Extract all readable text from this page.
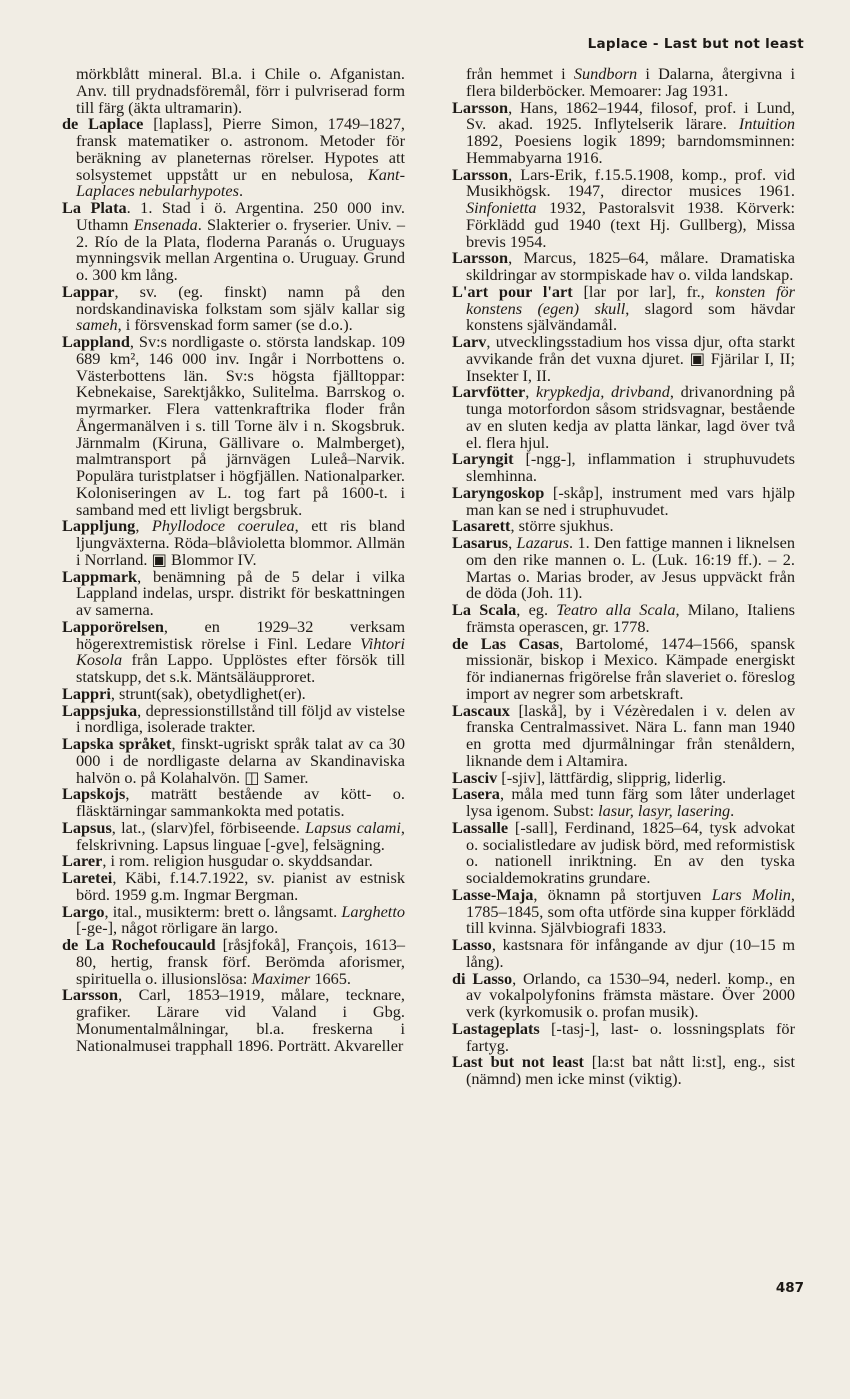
Laplace - Last but not least

mörkblått mineral. Bl.a. i Chile o. Afganistan. Anv. till prydnadsföremål, förr i pulvriserad form till färg (äkta ultramarin).

de Laplace [laplass], Pierre Simon, 1749–1827, fransk matematiker o. astronom. Metoder för beräkning av planeternas rörelser. Hypotes att solsystemet uppstått ur en nebulosa, Kant-Laplaces nebularhypotes.

La Plata. 1. Stad i ö. Argentina. 250 000 inv. Uthamn Ensenada. Slakterier o. fryserier. Univ. – 2. Río de la Plata, floderna Paranás o. Uruguays mynningsvik mellan Argentina o. Uruguay. Grund o. 300 km lång.

Lappar, sv. (eg. finskt) namn på den nordskandinaviska folkstam som själv kallar sig sameh, i försvenskad form samer (se d.o.).

Lappland, Sv:s nordligaste o. största landskap. 109 689 km², 146 000 inv. Ingår i Norrbottens o. Västerbottens län. Sv:s högsta fjälltoppar: Kebnekaise, Sarektjåkko, Sulitelma. Barrskog o. myrmarker. Flera vattenkraftrika floder från Ångermanälven i s. till Torne älv i n. Skogsbruk. Järnmalm (Kiruna, Gällivare o. Malmberget), malmtransport på järnvägen Luleå–Narvik. Populära turistplatser i högfjällen. Nationalparker. Koloniseringen av L. tog fart på 1600-t. i samband med ett livligt bergsbruk.

Lappljung, Phyllodoce coerulea, ett ris bland ljungväxterna. Röda–blåvioletta blommor. Allmän i Norrland. ▣ Blommor IV.

Lappmark, benämning på de 5 delar i vilka Lappland indelas, urspr. distrikt för beskattningen av samerna.

Lapporörelsen, en 1929–32 verksam högerextremistisk rörelse i Finl. Ledare Vihtori Kosola från Lappo. Upplöstes efter försök till statskupp, det s.k. Mäntsäläupproret.

Lappri, strunt(sak), obetydlighet(er).

Lappsjuka, depressionstillstånd till följd av vistelse i nordliga, isolerade trakter.

Lapska språket, finskt-ugriskt språk talat av ca 30 000 i de nordligaste delarna av Skandinaviska halvön o. på Kolahalvön. ◫ Samer.

Lapskojs, maträtt bestående av kött- o. fläsktärningar sammankokta med potatis.

Lapsus, lat., (slarv)fel, förbiseende. Lapsus calami, felskrivning. Lapsus linguae [-gve], felsägning.

Larer, i rom. religion husgudar o. skyddsandar.

Laretei, Käbi, f.14.7.1922, sv. pianist av estnisk börd. 1959 g.m. Ingmar Bergman.

Largo, ital., musikterm: brett o. långsamt. Larghetto [-ge-], något rörligare än largo.

de La Rochefoucauld [råsjfokå], François, 1613–80, hertig, fransk förf. Berömda aforismer, spirituella o. illusionslösa: Maximer 1665.

Larsson, Carl, 1853–1919, målare, tecknare, grafiker. Lärare vid Valand i Gbg. Monumentalmålningar, bl.a. freskerna i Nationalmusei trapphall 1896. Porträtt. Akvareller

från hemmet i Sundborn i Dalarna, återgivna i flera bilderböcker. Memoarer: Jag 1931.

Larsson, Hans, 1862–1944, filosof, prof. i Lund, Sv. akad. 1925. Inflytelserik lärare. Intuition 1892, Poesiens logik 1899; barndomsminnen: Hemmabyarna 1916.

Larsson, Lars-Erik, f.15.5.1908, komp., prof. vid Musikhögsk. 1947, director musices 1961. Sinfonietta 1932, Pastoralsvit 1938. Körverk: Förklädd gud 1940 (text Hj. Gullberg), Missa brevis 1954.

Larsson, Marcus, 1825–64, målare. Dramatiska skildringar av stormpiskade hav o. vilda landskap.

L'art pour l'art [lar por lar], fr., konsten för konstens (egen) skull, slagord som hävdar konstens självändamål.

Larv, utvecklingsstadium hos vissa djur, ofta starkt avvikande från det vuxna djuret. ▣ Fjärilar I, II; Insekter I, II.

Larvfötter, krypkedja, drivband, drivanordning på tunga motorfordon såsom stridsvagnar, bestående av en sluten kedja av platta länkar, lagd över två el. flera hjul.

Laryngit [-ngg-], inflammation i struphuvudets slemhinna.

Laryngoskop [-skåp], instrument med vars hjälp man kan se ned i struphuvudet.

Lasarett, större sjukhus.

Lasarus, Lazarus. 1. Den fattige mannen i liknelsen om den rike mannen o. L. (Luk. 16:19 ff.). – 2. Martas o. Marias broder, av Jesus uppväckt från de döda (Joh. 11).

La Scala, eg. Teatro alla Scala, Milano, Italiens främsta operascen, gr. 1778.

de Las Casas, Bartolomé, 1474–1566, spansk missionär, biskop i Mexico. Kämpade energiskt för indianernas frigörelse från slaveriet o. föreslog import av negrer som arbetskraft.

Lascaux [laskå], by i Vézèredalen i v. delen av franska Centralmassivet. Nära L. fann man 1940 en grotta med djurmålningar från stenåldern, liknande dem i Altamira.

Lasciv [-sjiv], lättfärdig, slipprig, liderlig.

Lasera, måla med tunn färg som låter underlaget lysa igenom. Subst: lasur, lasyr, lasering.

Lassalle [-sall], Ferdinand, 1825–64, tysk advokat o. socialistledare av judisk börd, med reformistisk o. nationell inriktning. En av den tyska socialdemokratins grundare.

Lasse-Maja, öknamn på stortjuven Lars Molin, 1785–1845, som ofta utförde sina kupper förklädd till kvinna. Självbiografi 1833.

Lasso, kastsnara för infångande av djur (10–15 m lång).

di Lasso, Orlando, ca 1530–94, nederl. komp., en av vokalpolyfonins främsta mästare. Över 2000 verk (kyrkomusik o. profan musik).

Lastageplats [-tasj-], last- o. lossningsplats för fartyg.

Last but not least [la:st bat nått li:st], eng., sist (nämnd) men icke minst (viktig).

487
